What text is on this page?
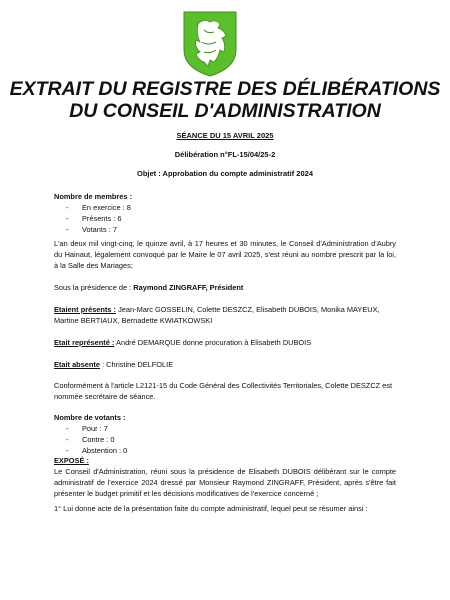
EXTRAIT DU REGISTRE DES DÉLIBÉRATIONS
DU CONSEIL D'ADMINISTRATION
SÉANCE DU 15 AVRIL 2025
Délibération n°FL-15/04/25-2
Objet : Approbation du compte administratif 2024
Nombre de membres :
- En exercice : 8
- Présents : 6
- Votants : 7
L'an deux mil vingt-cinq, le quinze avril, à 17 heures et 30 minutes, le Conseil d'Administration d'Aubry du Hainaut, légalement convoqué par le Maire le 07 avril 2025, s'est réuni au nombre prescrit par la loi, à la Salle des Mariages;
Sous la présidence de : Raymond ZINGRAFF, Président
Etaient présents : Jean-Marc GOSSELIN, Colette DESZCZ, Elisabeth DUBOIS, Monika MAYEUX, Martine BERTIAUX, Bernadette KWIATKOWSKI
Etait représenté : André DEMARQUE donne procuration à Elisabeth DUBOIS
Etait absente : Christine DELFOLIE
Conformément à l'article L2121-15 du Code Général des Collectivités Territoriales, Colette DESZCZ est nommée secrétaire de séance.
Nombre de votants :
- Pour : 7
- Contre : 0
- Abstention : 0
EXPOSÉ :
Le Conseil d'Administration, réuni sous la présidence de Elisabeth DUBOIS délibérant sur le compte administratif de l'exercice 2024 dressé par Monsieur Raymond ZINGRAFF, Président, après s'être fait présenter le budget primitif et les décisions modificatives de l'exercice concerné ;
1° Lui donne acte de la présentation faite du compte administratif, lequel peut se résumer ainsi :
